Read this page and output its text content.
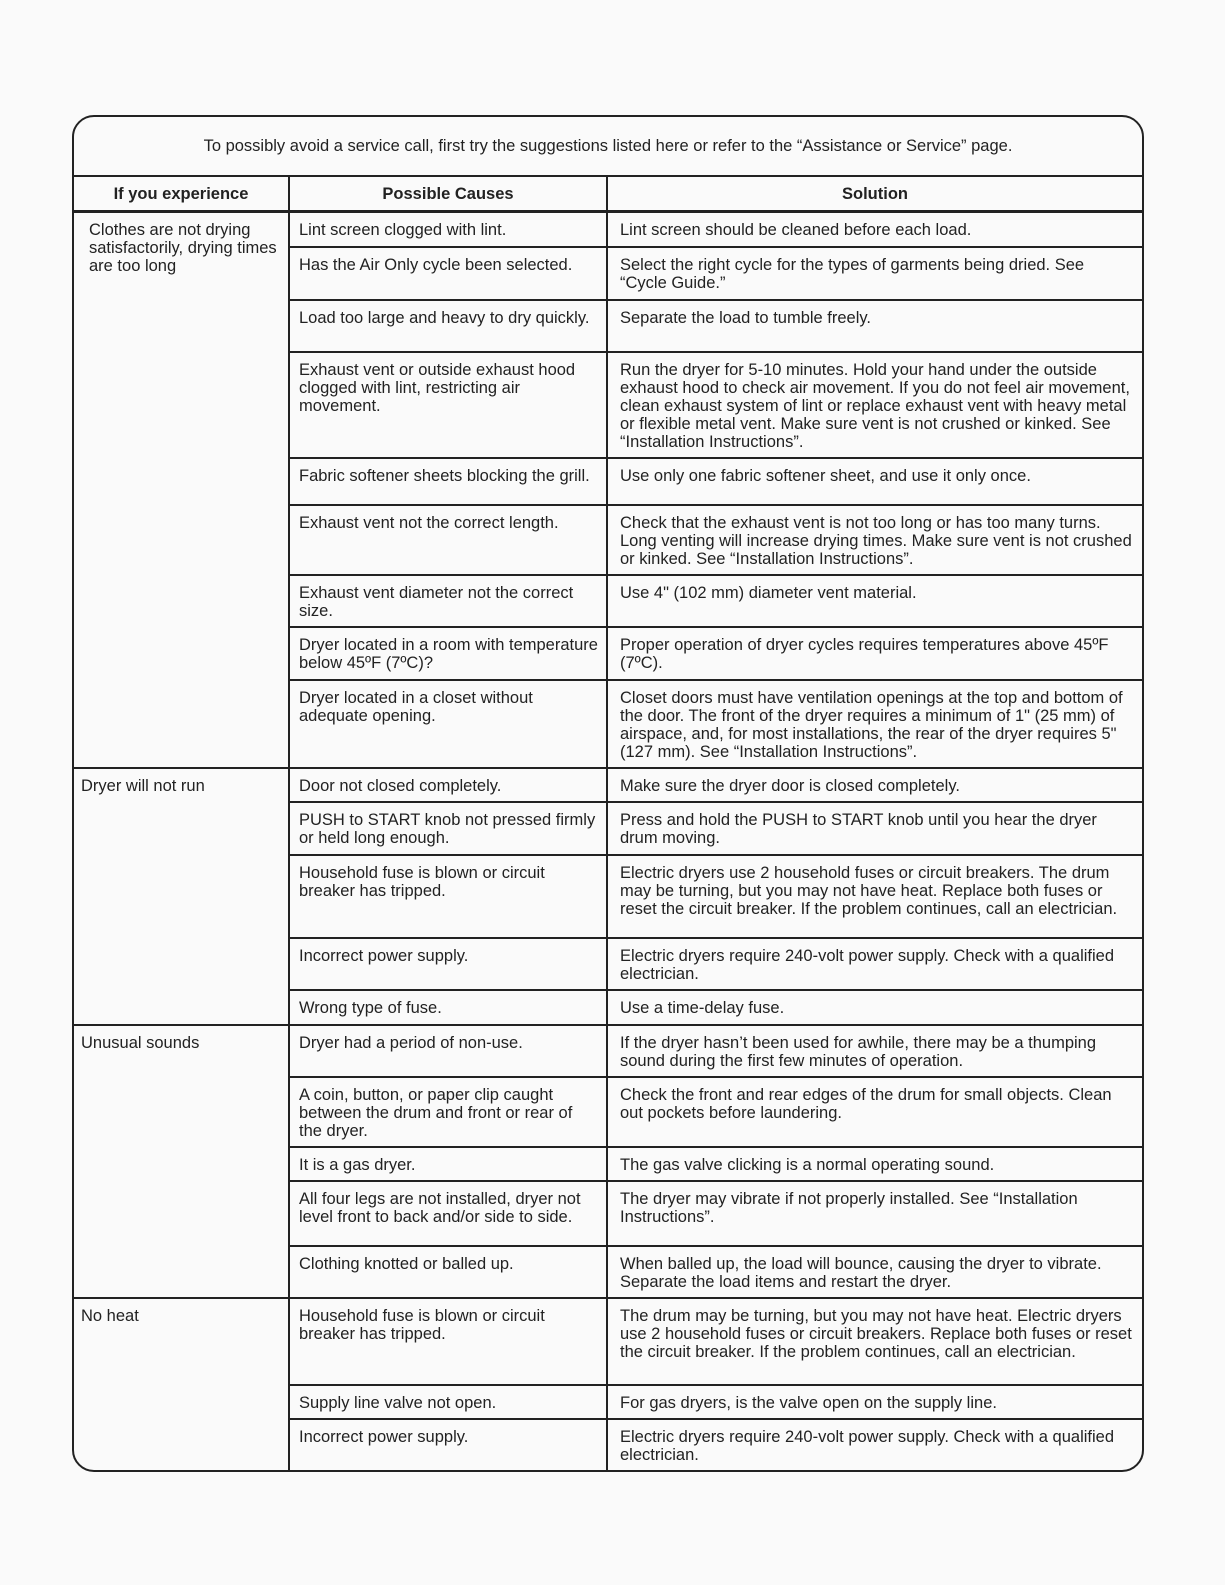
To possibly avoid a service call, first try the suggestions listed here or refer to the “Assistance or Service” page.
If you experience	Possible Causes	Solution
Clothes are not drying satisfactorily, drying times are too long	Lint screen clogged with lint.	Lint screen should be cleaned before each load.
	Has the Air Only cycle been selected.	Select the right cycle for the types of garments being dried. See “Cycle Guide.”
	Load too large and heavy to dry quickly.	Separate the load to tumble freely.
	Exhaust vent or outside exhaust hood clogged with lint, restricting air movement.	Run the dryer for 5-10 minutes. Hold your hand under the outside exhaust hood to check air movement. If you do not feel air movement, clean exhaust system of lint or replace exhaust vent with heavy metal or flexible metal vent. Make sure vent is not crushed or kinked. See “Installation Instructions”.
	Fabric softener sheets blocking the grill.	Use only one fabric softener sheet, and use it only once.
	Exhaust vent not the correct length.	Check that the exhaust vent is not too long or has too many turns. Long venting will increase drying times. Make sure vent is not crushed or kinked. See “Installation Instructions”.
	Exhaust vent diameter not the correct size.	Use 4" (102 mm) diameter vent material.
	Dryer located in a room with temperature below 45ºF (7ºC)?	Proper operation of dryer cycles requires temperatures above 45ºF (7ºC).
	Dryer located in a closet without adequate opening.	Closet doors must have ventilation openings at the top and bottom of the door. The front of the dryer requires a minimum of 1" (25 mm) of airspace, and, for most installations, the rear of the dryer requires 5" (127 mm). See “Installation Instructions”.
Dryer will not run	Door not closed completely.	Make sure the dryer door is closed completely.
	PUSH to START knob not pressed firmly or held long enough.	Press and hold the PUSH to START knob until you hear the dryer drum moving.
	Household fuse is blown or circuit breaker has tripped.	Electric dryers use 2 household fuses or circuit breakers. The drum may be turning, but you may not have heat. Replace both fuses or reset the circuit breaker. If the problem continues, call an electrician.
	Incorrect power supply.	Electric dryers require 240-volt power supply. Check with a qualified electrician.
	Wrong type of fuse.	Use a time-delay fuse.
Unusual sounds	Dryer had a period of non-use.	If the dryer hasn’t been used for awhile, there may be a thumping sound during the first few minutes of operation.
	A coin, button, or paper clip caught between the drum and front or rear of the dryer.	Check the front and rear edges of the drum for small objects. Clean out pockets before laundering.
	It is a gas dryer.	The gas valve clicking is a normal operating sound.
	All four legs are not installed, dryer not level front to back and/or side to side.	The dryer may vibrate if not properly installed. See “Installation Instructions”.
	Clothing knotted or balled up.	When balled up, the load will bounce, causing the dryer to vibrate. Separate the load items and restart the dryer.
No heat	Household fuse is blown or circuit breaker has tripped.	The drum may be turning, but you may not have heat. Electric dryers use 2 household fuses or circuit breakers. Replace both fuses or reset the circuit breaker. If the problem continues, call an electrician.
	Supply line valve not open.	For gas dryers, is the valve open on the supply line.
	Incorrect power supply.	Electric dryers require 240-volt power supply. Check with a qualified electrician.
